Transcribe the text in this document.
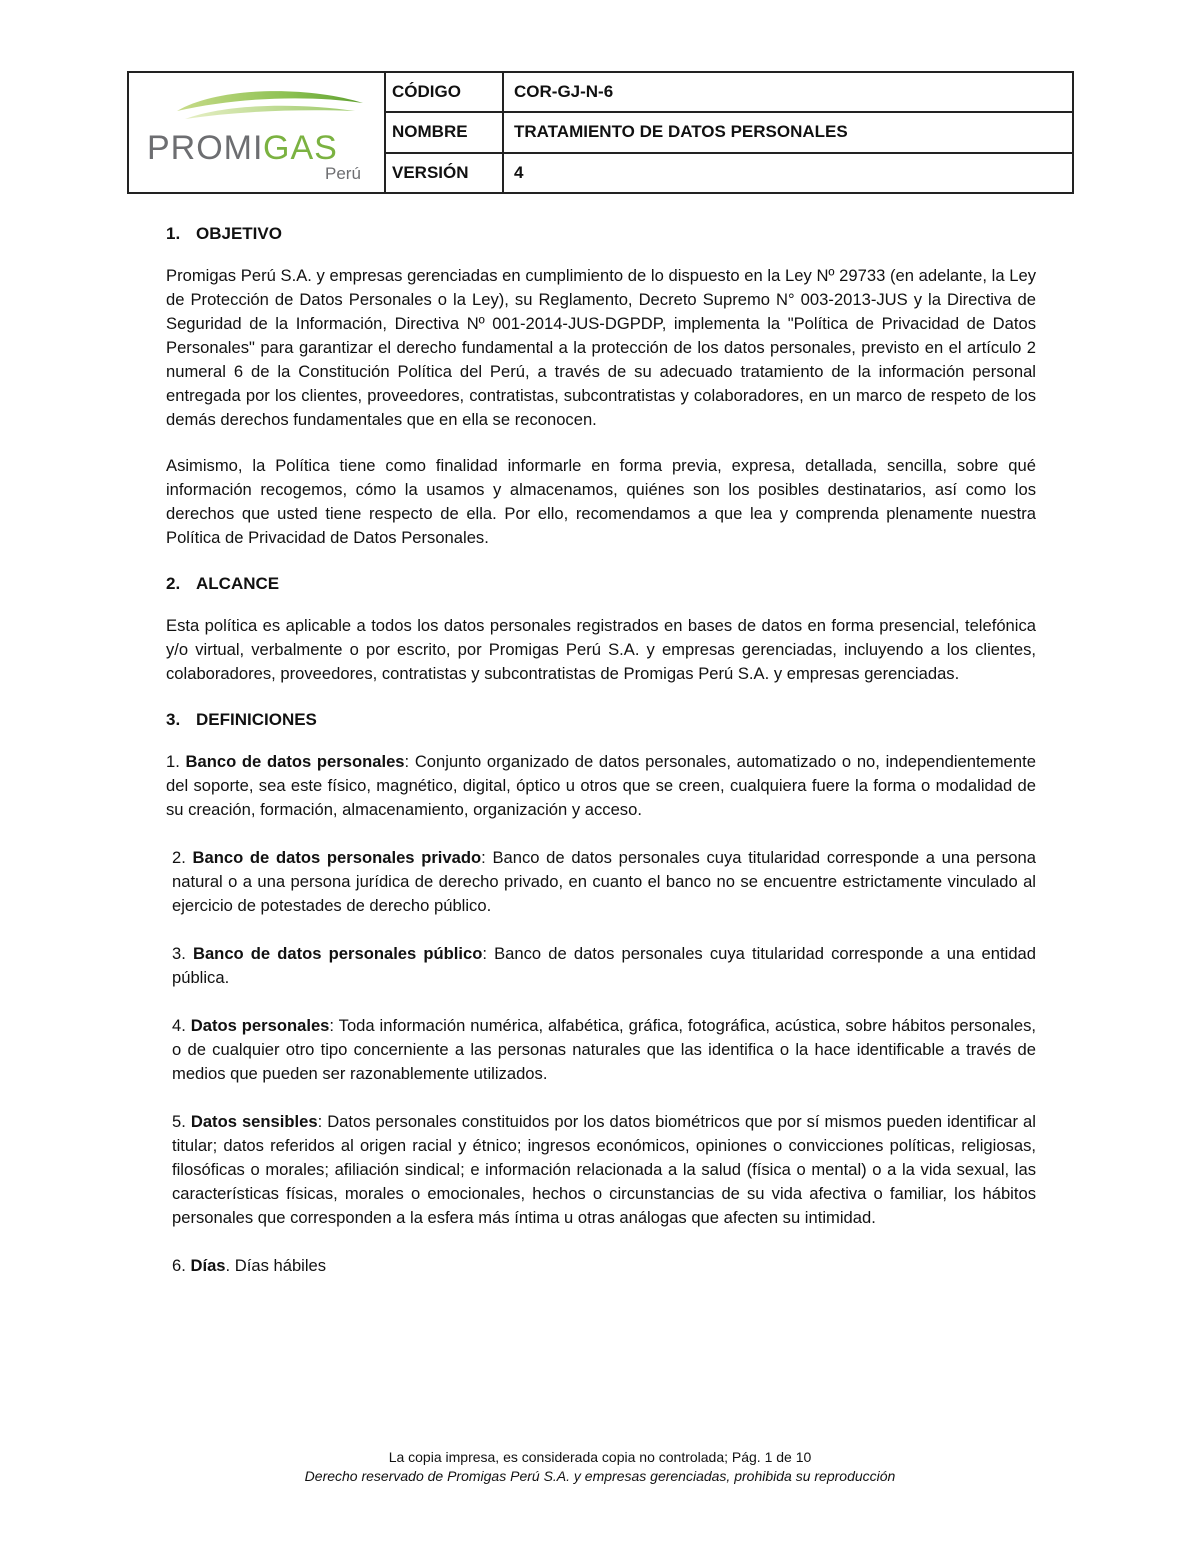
PROMI GAS
Perú
CÓDIGO	COR-GJ-N-6
NOMBRE	TRATAMIENTO DE DATOS PERSONALES
VERSIÓN	4
1. OBJETIVO

Promigas Perú S.A. y empresas gerenciadas en cumplimiento de lo dispuesto en la Ley Nº 29733 (en adelante, la Ley de Protección de Datos Personales o la Ley), su Reglamento, Decreto Supremo N° 003-2013-JUS y la Directiva de Seguridad de la Información, Directiva Nº 001-2014-JUS-DGPDP, implementa la "Política de Privacidad de Datos Personales" para garantizar el derecho fundamental a la protección de los datos personales, previsto en el artículo 2 numeral 6 de la Constitución Política del Perú, a través de su adecuado tratamiento de la información personal entregada por los clientes, proveedores, contratistas, subcontratistas y colaboradores, en un marco de respeto de los demás derechos fundamentales que en ella se reconocen.

Asimismo, la Política tiene como finalidad informarle en forma previa, expresa, detallada, sencilla, sobre qué información recogemos, cómo la usamos y almacenamos, quiénes son los posibles destinatarios, así como los derechos que usted tiene respecto de ella. Por ello, recomendamos a que lea y comprenda plenamente nuestra Política de Privacidad de Datos Personales.

2. ALCANCE

Esta política es aplicable a todos los datos personales registrados en bases de datos en forma presencial, telefónica y/o virtual, verbalmente o por escrito, por Promigas Perú S.A. y empresas gerenciadas, incluyendo a los clientes, colaboradores, proveedores, contratistas y subcontratistas de Promigas Perú S.A. y empresas gerenciadas.

3. DEFINICIONES
1. Banco de datos personales: Conjunto organizado de datos personales, automatizado o no, independientemente del soporte, sea este físico, magnético, digital, óptico u otros que se creen, cualquiera fuere la forma o modalidad de su creación, formación, almacenamiento, organización y acceso.
2. Banco de datos personales privado: Banco de datos personales cuya titularidad corresponde a una persona natural o a una persona jurídica de derecho privado, en cuanto el banco no se encuentre estrictamente vinculado al ejercicio de potestades de derecho público.
3. Banco de datos personales público: Banco de datos personales cuya titularidad corresponde a una entidad pública.
4. Datos personales: Toda información numérica, alfabética, gráfica, fotográfica, acústica, sobre hábitos personales, o de cualquier otro tipo concerniente a las personas naturales que las identifica o la hace identificable a través de medios que pueden ser razonablemente utilizados.
5. Datos sensibles: Datos personales constituidos por los datos biométricos que por sí mismos pueden identificar al titular; datos referidos al origen racial y étnico; ingresos económicos, opiniones o convicciones políticas, religiosas, filosóficas o morales; afiliación sindical; e información relacionada a la salud (física o mental) o a la vida sexual, las características físicas, morales o emocionales, hechos o circunstancias de su vida afectiva o familiar, los hábitos personales que corresponden a la esfera más íntima u otras análogas que afecten su intimidad.
6. Días. Días hábiles
La copia impresa, es considerada copia no controlada; Pág. 1 de 10
Derecho reservado de Promigas Perú S.A. y empresas gerenciadas, prohibida su reproducción
